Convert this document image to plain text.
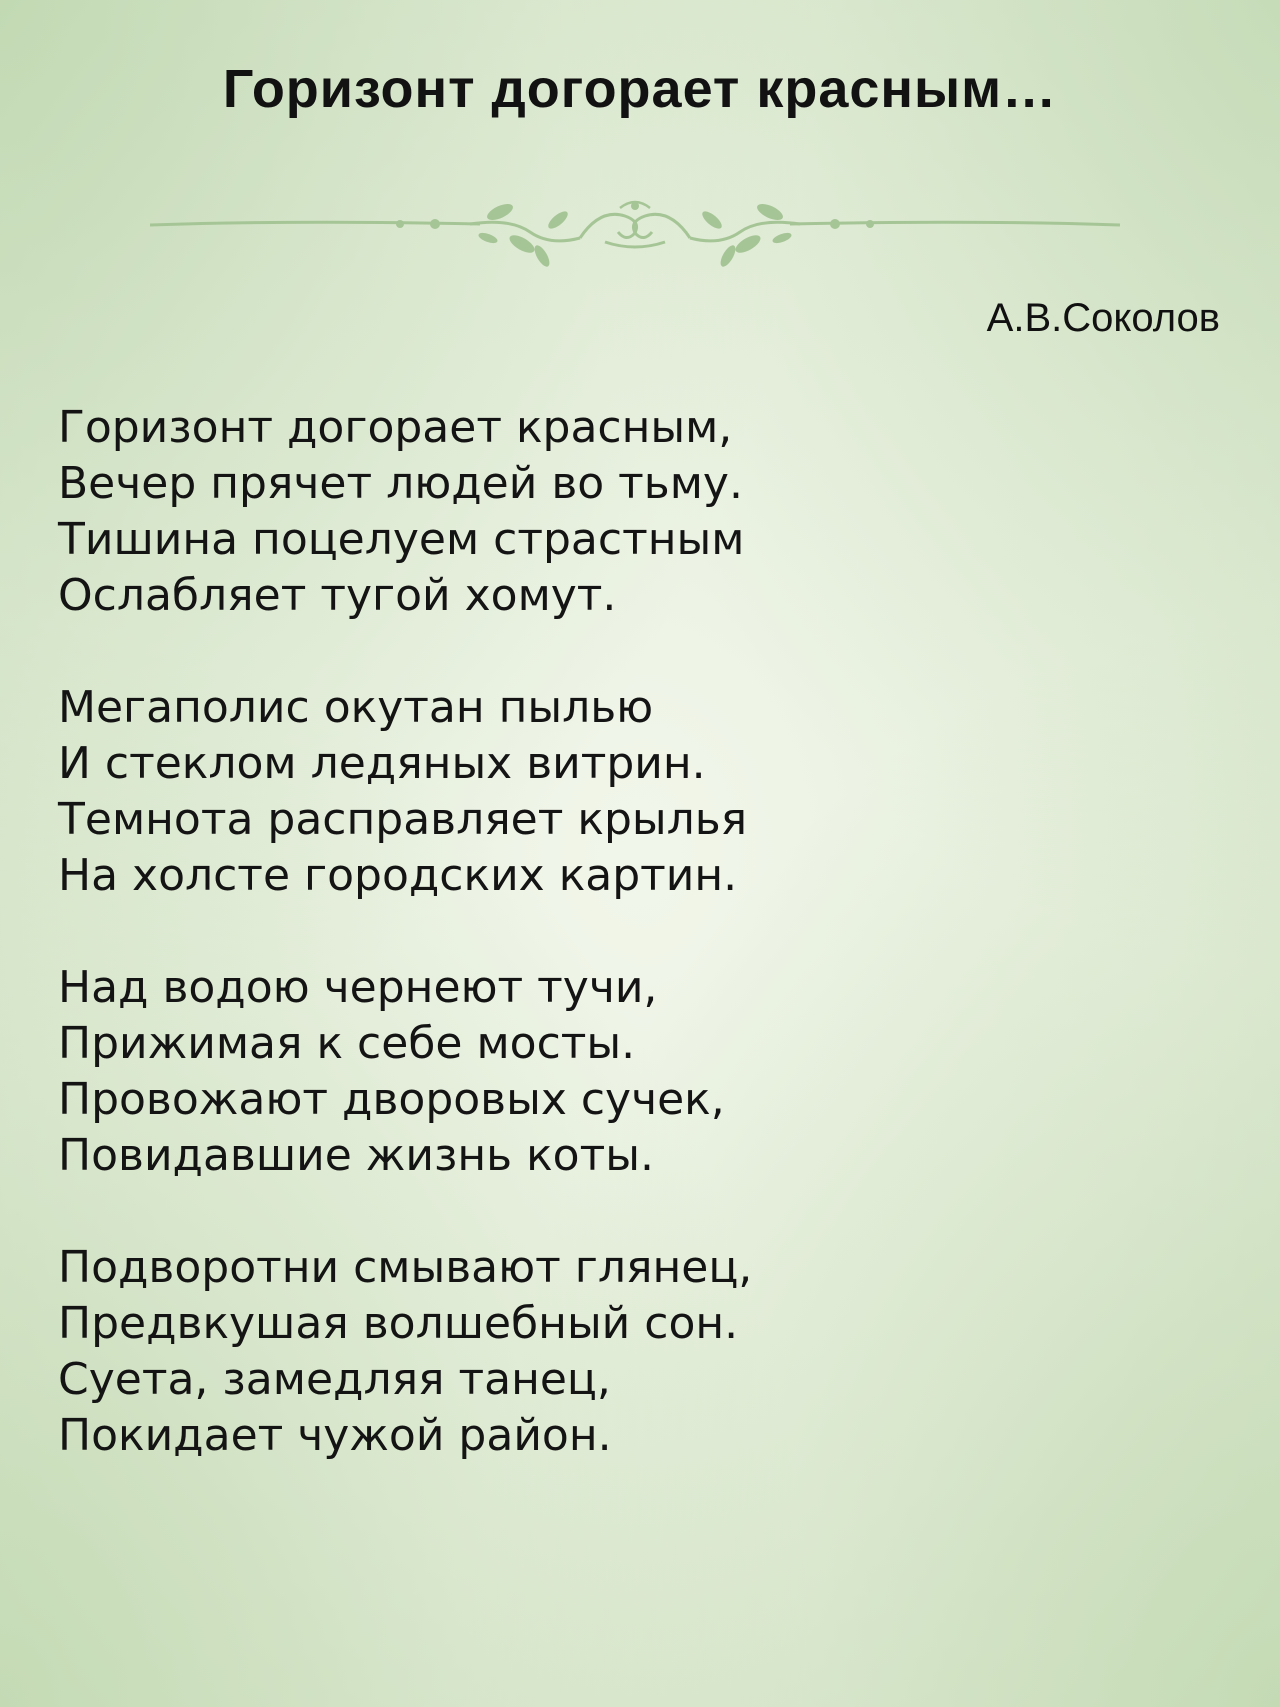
Горизонт догорает красным…
А.В.Соколов
Горизонт догорает красным,
Вечер прячет людей во тьму.
Тишина поцелуем страстным
Ослабляет тугой хомут.
Мегаполис окутан пылью
И стеклом ледяных витрин.
Темнота расправляет крылья
На холсте городских картин.
Над водою чернеют тучи,
Прижимая к себе мосты.
Провожают дворовых сучек,
Повидавшие жизнь коты.
Подворотни смывают глянец,
Предвкушая волшебный сон.
Суета, замедляя танец,
Покидает чужой район.
